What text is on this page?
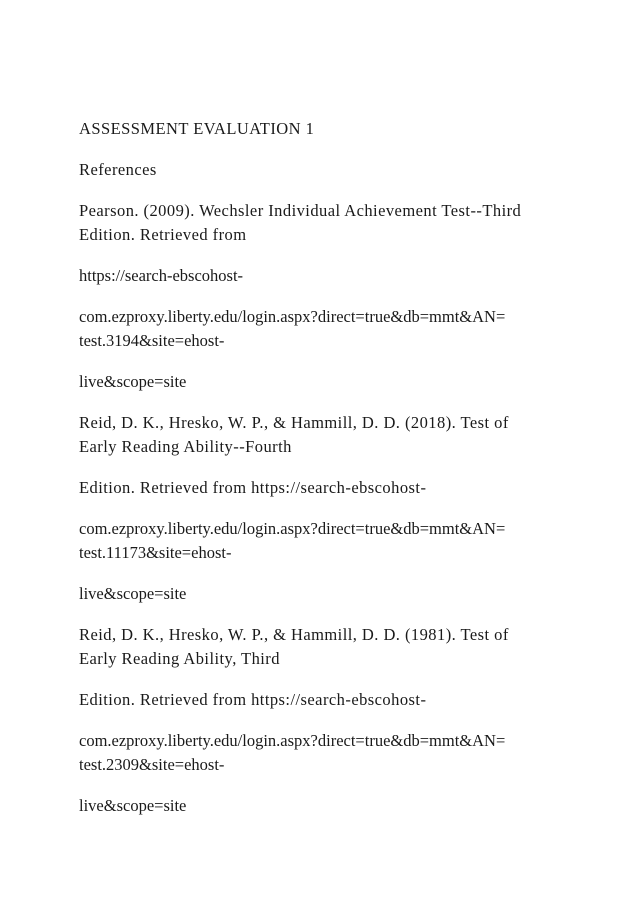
ASSESSMENT EVALUATION 1

References

Pearson. (2009). Wechsler Individual Achievement Test--Third
Edition. Retrieved from

https://search-ebscohost-

com.ezproxy.liberty.edu/login.aspx?direct=true&db=mmt&AN=
test.3194&site=ehost-

live&scope=site

Reid, D. K., Hresko, W. P., & Hammill, D. D. (2018). Test of
Early Reading Ability--Fourth

Edition. Retrieved from https://search-ebscohost-

com.ezproxy.liberty.edu/login.aspx?direct=true&db=mmt&AN=
test.11173&site=ehost-

live&scope=site

Reid, D. K., Hresko, W. P., & Hammill, D. D. (1981). Test of
Early Reading Ability, Third

Edition. Retrieved from https://search-ebscohost-

com.ezproxy.liberty.edu/login.aspx?direct=true&db=mmt&AN=
test.2309&site=ehost-

live&scope=site
